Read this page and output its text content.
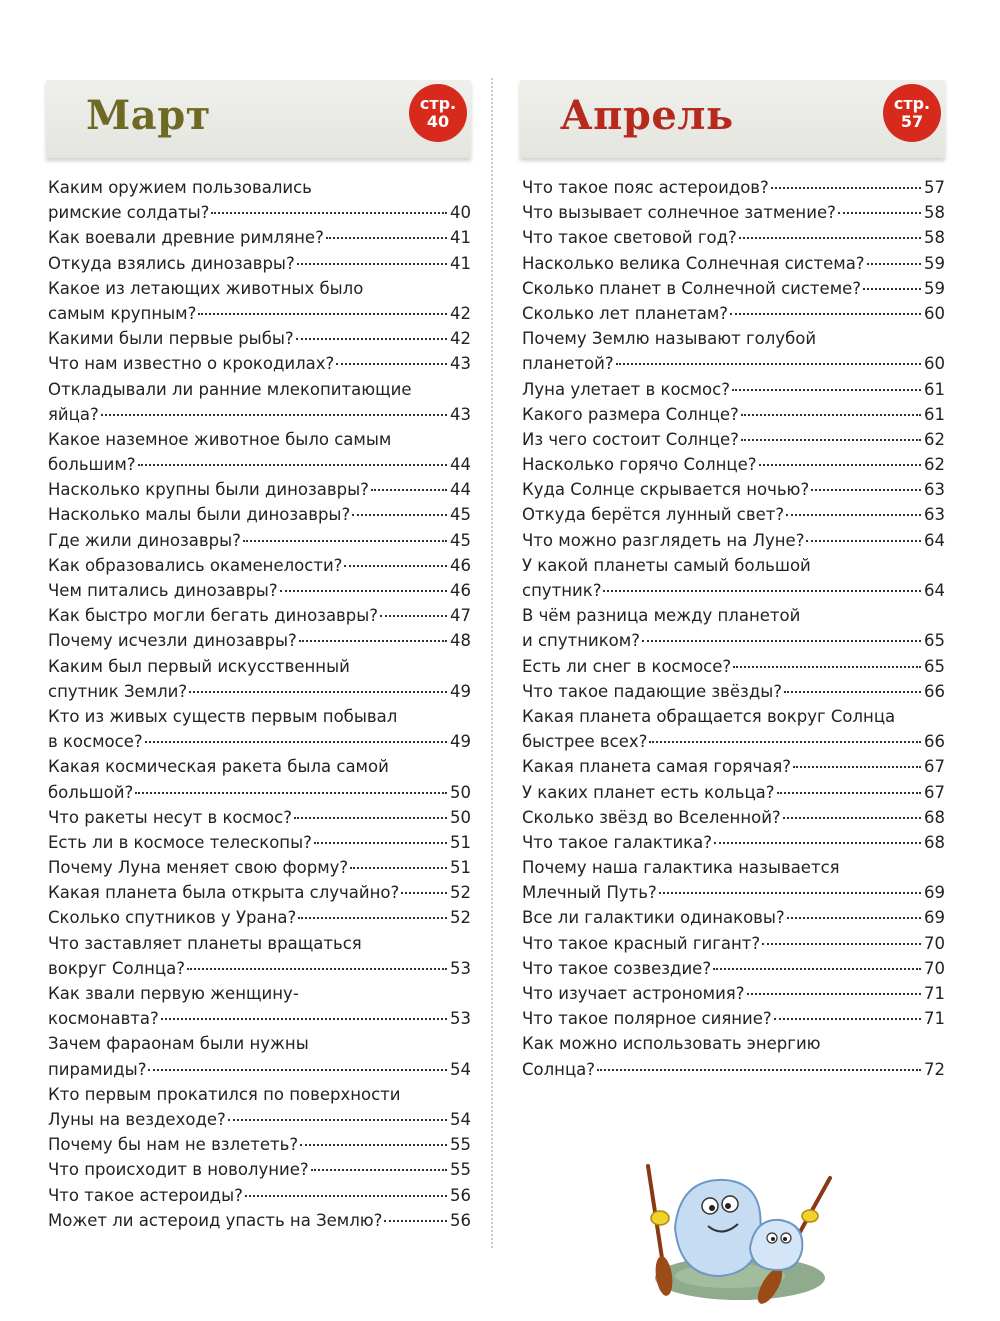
Март	стр.
40
Каким оружием пользовались
римские солдаты?	40
Как воевали древние римляне?	41
Откуда взялись динозавры?	41
Какое из летающих животных было
самым крупным?	42
Какими были первые рыбы?	42
Что нам известно о крокодилах?	43
Откладывали ли ранние млекопитающие
яйца?	43
Какое наземное животное было самым
большим?	44
Насколько крупны были динозавры?	44
Насколько малы были динозавры?	45
Где жили динозавры?	45
Как образовались окаменелости?	46
Чем питались динозавры?	46
Как быстро могли бегать динозавры?	47
Почему исчезли динозавры?	48
Каким был первый искусственный
спутник Земли?	49
Кто из живых существ первым побывал
в космосе?	49
Какая космическая ракета была самой
большой?	50
Что ракеты несут в космос?	50
Есть ли в космосе телескопы?	51
Почему Луна меняет свою форму?	51
Какая планета была открыта случайно?	52
Сколько спутников у Урана?	52
Что заставляет планеты вращаться
вокруг Солнца?	53
Как звали первую женщину-
космонавта?	53
Зачем фараонам были нужны
пирамиды?	54
Кто первым прокатился по поверхности
Луны на вездеходе?	54
Почему бы нам не взлететь?	55
Что происходит в новолуние?	55
Что такое астероиды?	56
Может ли астероид упасть на Землю?	56
Апрель	стр.
57
Что такое пояс астероидов?	57
Что вызывает солнечное затмение?	58
Что такое световой год?	58
Насколько велика Солнечная система?	59
Сколько планет в Солнечной системе?	59
Сколько лет планетам?	60
Почему Землю называют голубой
планетой?	60
Луна улетает в космос?	61
Какого размера Солнце?	61
Из чего состоит Солнце?	62
Насколько горячо Солнце?	62
Куда Солнце скрывается ночью?	63
Откуда берётся лунный свет?	63
Что можно разглядеть на Луне?	64
У какой планеты самый большой
спутник?	64
В чём разница между планетой
и спутником?	65
Есть ли снег в космосе?	65
Что такое падающие звёзды?	66
Какая планета обращается вокруг Солнца
быстрее всех?	66
Какая планета самая горячая?	67
У каких планет есть кольца?	67
Сколько звёзд во Вселенной?	68
Что такое галактика?	68
Почему наша галактика называется
Млечный Путь?	69
Все ли галактики одинаковы?	69
Что такое красный гигант?	70
Что такое созвездие?	70
Что изучает астрономия?	71
Что такое полярное сияние?	71
Как можно использовать энергию
Солнца?	72
